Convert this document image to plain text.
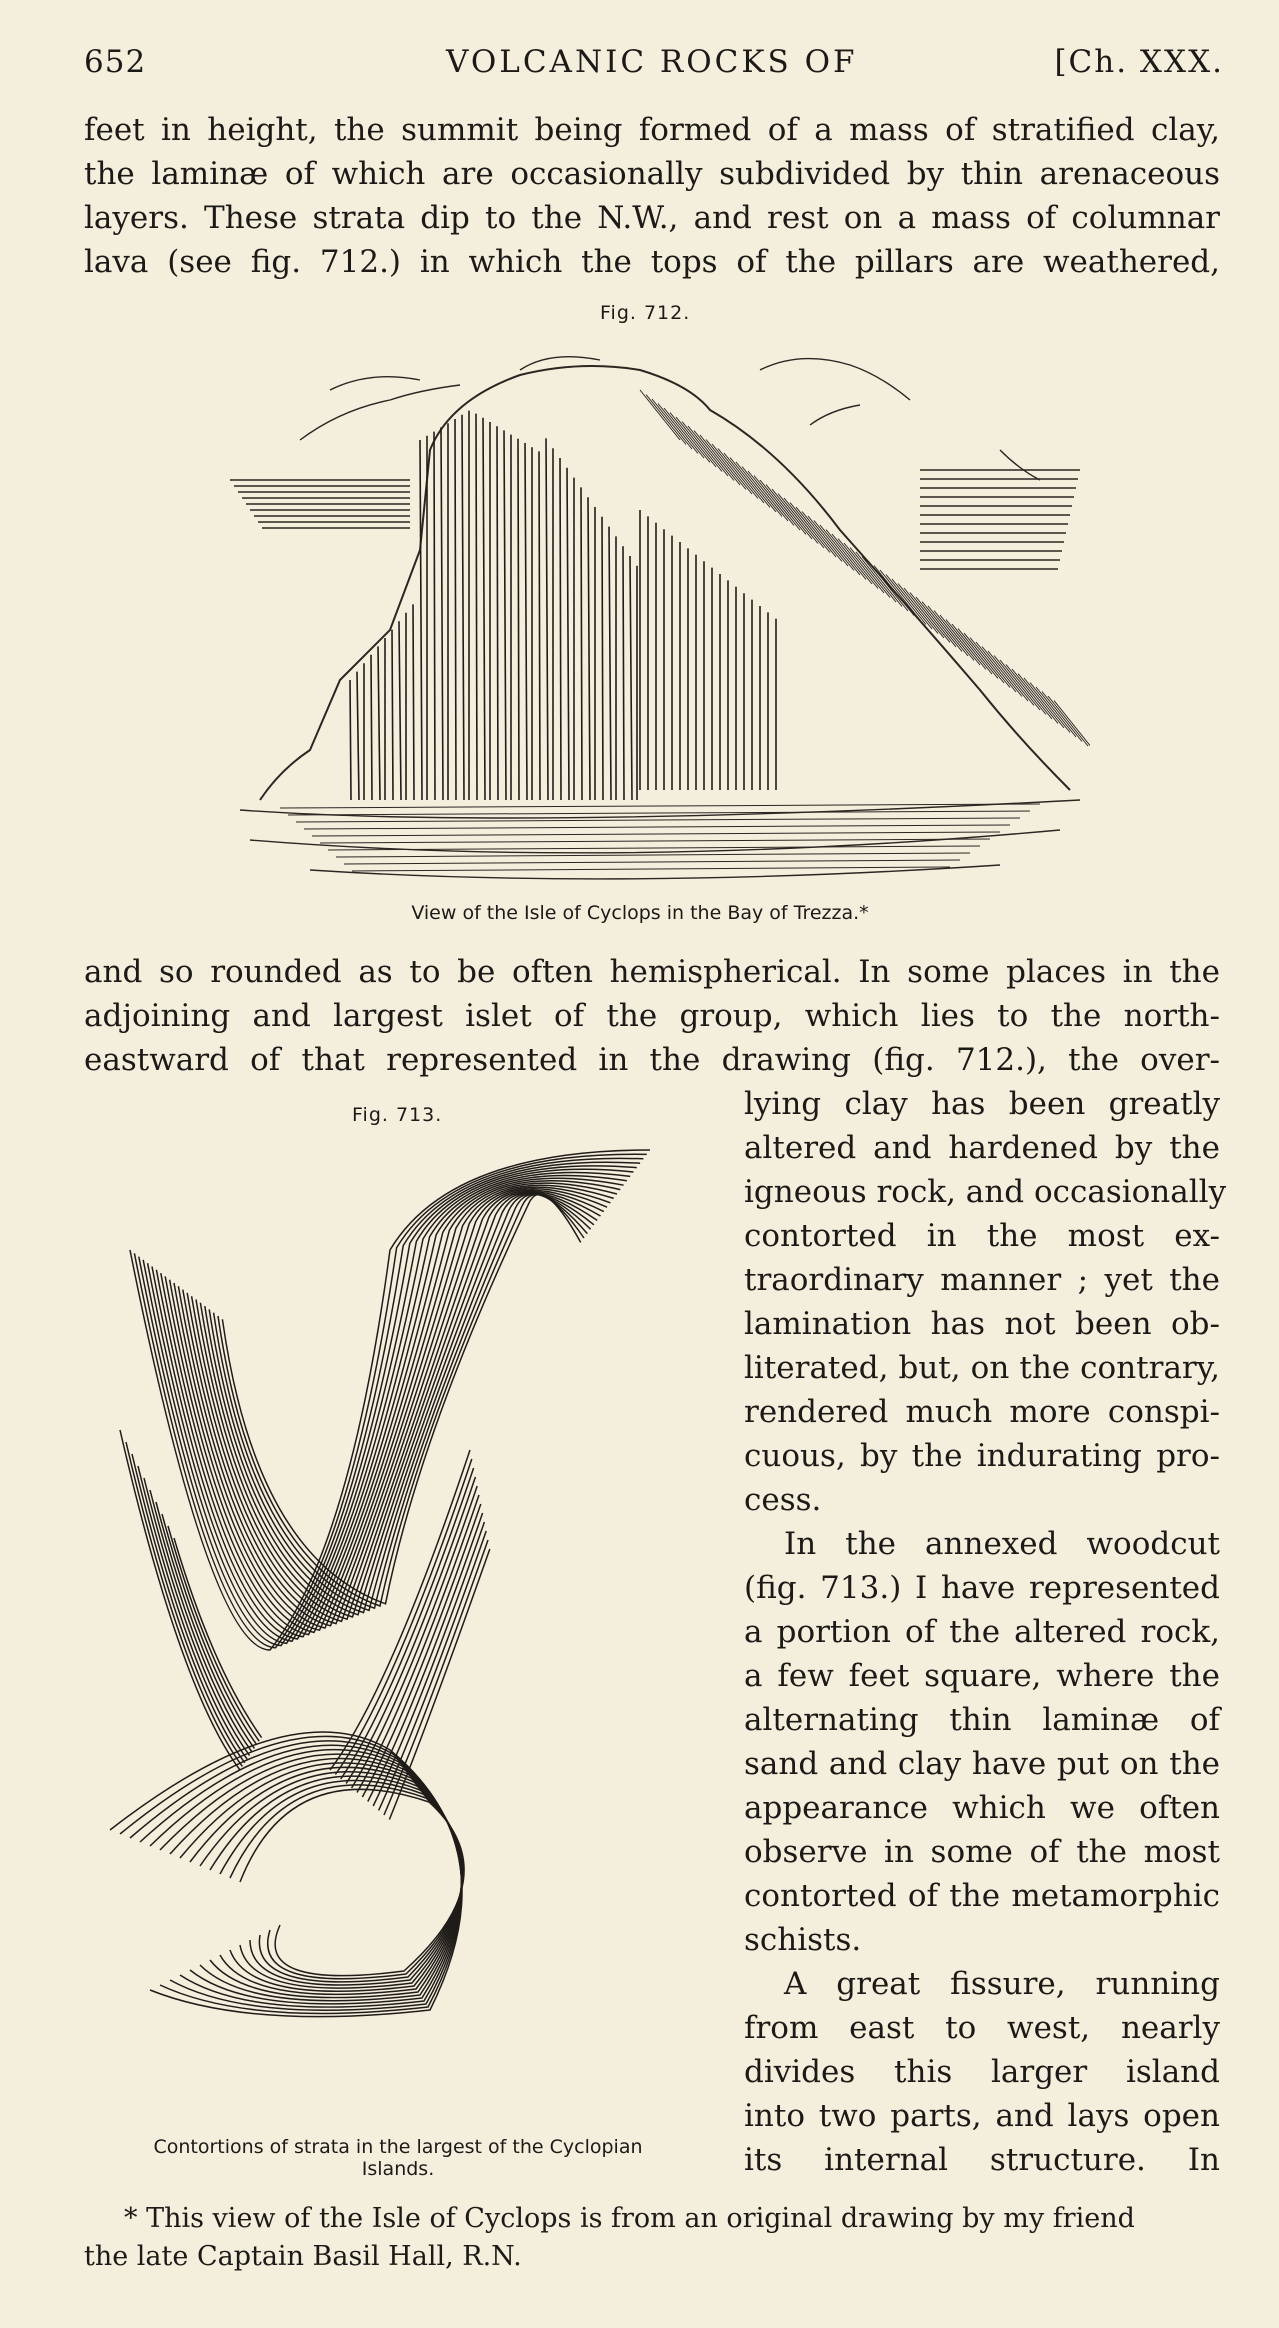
652	VOLCANIC ROCKS OF	[Ch. XXX.
feet in height, the summit being formed of a mass of stratified clay,
the laminæ of which are occasionally subdivided by thin arenaceous
layers. These strata dip to the N.W., and rest on a mass of columnar
lava (see fig. 712.) in which the tops of the pillars are weathered,
Fig. 712.
View of the Isle of Cyclops in the Bay of Trezza.*
and so rounded as to be often hemispherical. In some places in the
adjoining and largest islet of the group, which lies to the north-
eastward of that represented in the drawing (fig. 712.), the over-
Fig. 713.	lying clay has been greatly
altered and hardened by the
igneous rock, and occasionally
contorted in the most ex-
traordinary manner ; yet the
lamination has not been ob-
literated, but, on the contrary,
rendered much more conspi-
cuous, by the indurating pro-
cess.
In the annexed woodcut
(fig. 713.) I have represented
a portion of the altered rock,
a few feet square, where the
alternating thin laminæ of
sand and clay have put on the
appearance which we often
observe in some of the most
contorted of the metamorphic
schists.
A great fissure, running
from east to west, nearly
divides this larger island
into two parts, and lays open
its internal structure. In
Contortions of strata in the largest of the Cyclopian
Islands.
* This view of the Isle of Cyclops is from an original drawing by my friend
the late Captain Basil Hall, R.N.
